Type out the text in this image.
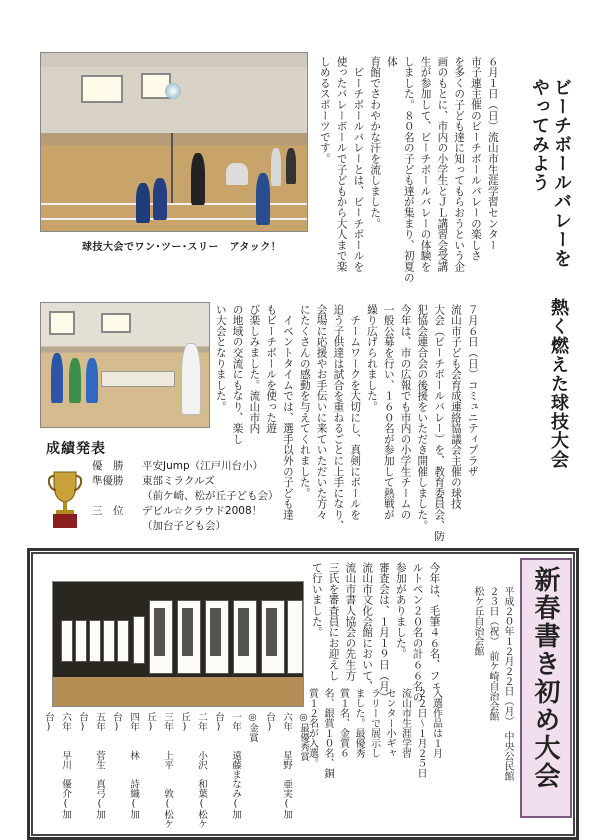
球技大会でワン･ツー･スリー　アタック！	ビーチボールバレーを
やってみよう
６月１日（日）流山市生涯学習センター
市子連主催のビーチボールバレーの楽しさ
を多くの子ども達に知ってもらおうという企
画のもとに、市内の小学生とＪＬ講習会受講
生が参加して、ビーチボールバレーの体験を
しました。８０名の子ども達が集まり、初夏の体
育館でさわやかな汗を流しました。
　ビーチボールバレーとは、ビーチボールを
使ったバレーボールで子どもから大人まで楽
しめるスポーツです。
熱く燃えた球技大会
７月６日（日）コミュニティプラザ
流山市子ども会育成連絡協議会主催の球技
大会（ビーチボールバレー）を、教育委員会、防
犯協会連合会の後援をいただき開催しました。
今年は、市の広報でも市内の小学生チームの
一般公募を行い、１６０名が参加して熱戦が
繰り広げられました。
　チームワークを大切にし、真剣にボールを
追う子供達は試合を重ねるごとに上手になり、
会場に応援やお手伝いに来ていただいた方々
にたくさんの感動を与えてくれました。
　イベントタイムでは、選手以外の子ども達
もビーチボールを使った遊
び楽しみました。流山市内
の地域の交流にもなり、楽し
い大会となりました。
成績発表
優　勝 平安Jump（江戸川台小）
準優勝 東部ミラクルズ
（前ケ崎、松が丘子ども会）
三　位 デビル☆クラウド2008！
（加台子ども会）
新春書き初め大会
平成２０年１２月２２日（月）　中央公民館
２３日（祝）　前ケ崎自治会館
松ケ丘自治会館
今年は、毛筆４６名、フェ
ルトペン２０名の計６６名の
参加がありました。
審査会は、１月１９日（月）
流山市文化会館において、
流山市書人協会の先生方
三氏を審査員にお迎えし
て行いました。
入選作品は１月
２２日～１月２５日
流山市生涯学習
センター小ギャ
ラリーで展示し
ました。最優秀
賞１名、金賞６
名、銀賞１０名、銅
賞１２名が入選。
◎最優秀賞
六年　　星野　亜実(加台)
◎金賞
一年　　遠藤まなみ(加台)
二年　　小沢　和葉(松ケ丘)
三年　　上平　　敦(松ケ丘)
四年　　林　　詩織(加台)
五年　　菅生　真弓(加台)
六年　　早川　優介(加台)
